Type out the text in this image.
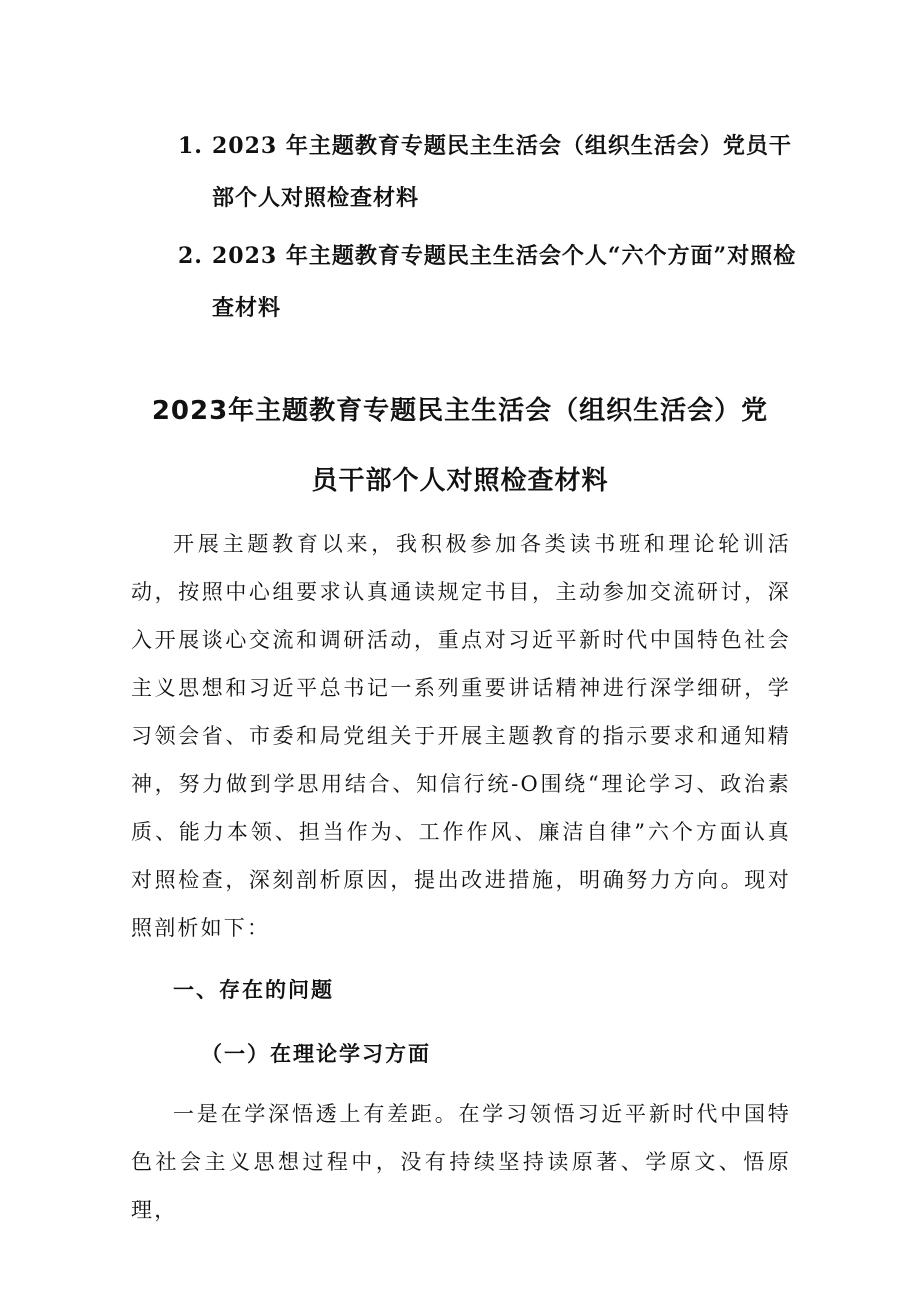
1. 2023 年主题教育专题民主生活会（组织生活会）党员干部个人对照检查材料
2. 2023 年主题教育专题民主生活会个人“六个方面”对照检查材料
2023年主题教育专题民主生活会（组织生活会）党员干部个人对照检查材料

开展主题教育以来，我积极参加各类读书班和理论轮训活动，按照中心组要求认真通读规定书目，主动参加交流研讨，深入开展谈心交流和调研活动，重点对习近平新时代中国特色社会主义思想和习近平总书记一系列重要讲话精神进行深学细研，学习领会省、市委和局党组关于开展主题教育的指示要求和通知精神，努力做到学思用结合、知信行统-O围绕“理论学习、政治素质、能力本领、担当作为、工作作风、廉洁自律”六个方面认真对照检查，深刻剖析原因，提出改进措施，明确努力方向。现对照剖析如下：

一、存在的问题
（一）在理论学习方面

一是在学深悟透上有差距。在学习领悟习近平新时代中国特色社会主义思想过程中，没有持续坚持读原著、学原文、悟原理，
